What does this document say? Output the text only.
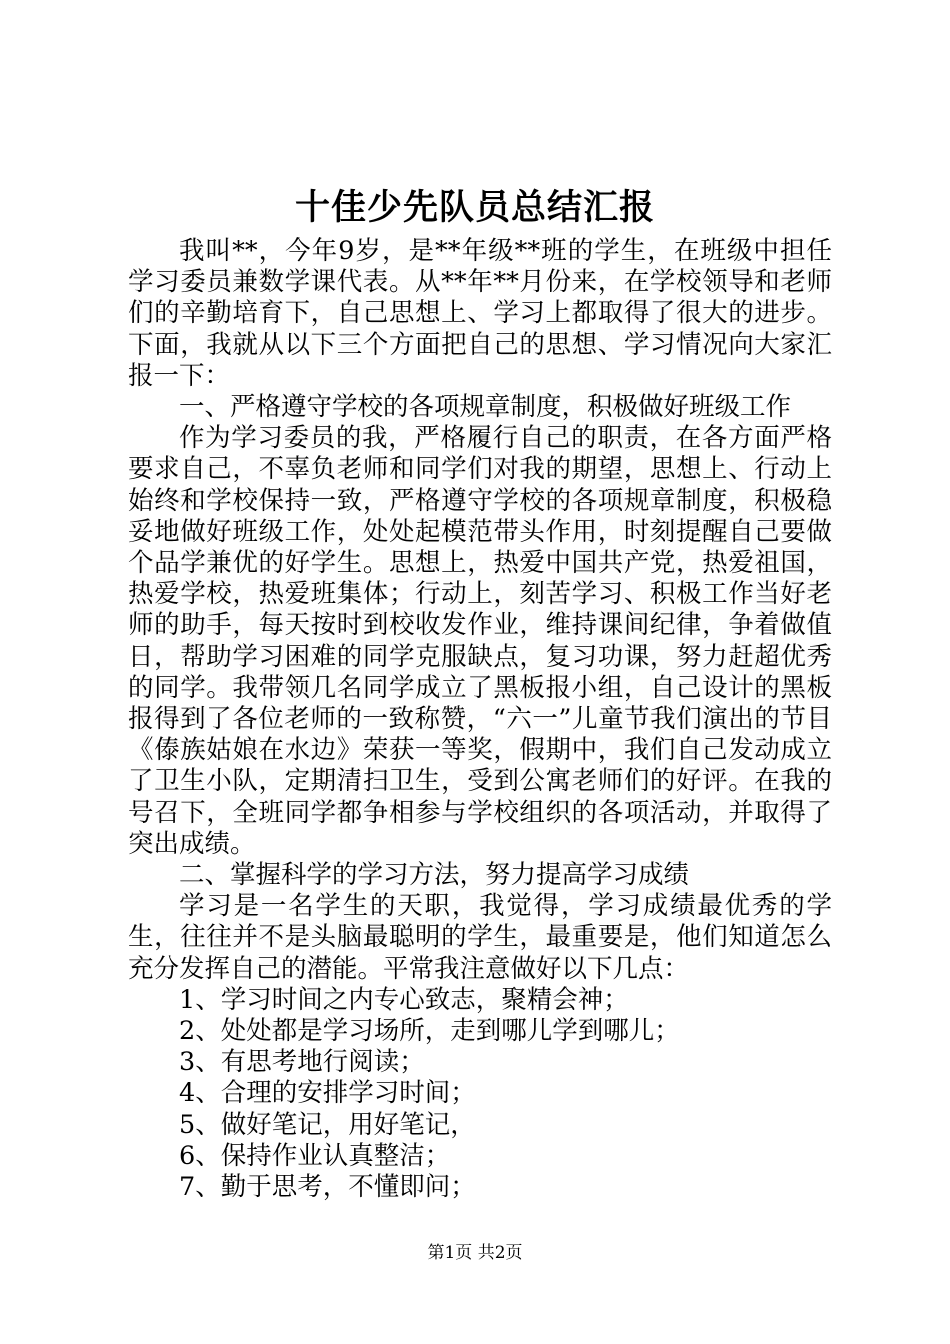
十佳少先队员总结汇报

我叫**，今年9岁，是**年级**班的学生，在班级中担任学习委员兼数学课代表。从**年**月份来，在学校领导和老师们的辛勤培育下，自己思想上、学习上都取得了很大的进步。下面，我就从以下三个方面把自己的思想、学习情况向大家汇报一下：

一、严格遵守学校的各项规章制度，积极做好班级工作

作为学习委员的我，严格履行自己的职责，在各方面严格要求自己，不辜负老师和同学们对我的期望，思想上、行动上始终和学校保持一致，严格遵守学校的各项规章制度，积极稳妥地做好班级工作，处处起模范带头作用，时刻提醒自己要做个品学兼优的好学生。思想上，热爱中国共产党，热爱祖国，热爱学校，热爱班集体；行动上，刻苦学习、积极工作当好老师的助手，每天按时到校收发作业，维持课间纪律，争着做值日，帮助学习困难的同学克服缺点，复习功课，努力赶超优秀的同学。我带领几名同学成立了黑板报小组，自己设计的黑板报得到了各位老师的一致称赞，“六一”儿童节我们演出的节目《傣族姑娘在水边》荣获一等奖，假期中，我们自己发动成立了卫生小队，定期清扫卫生，受到公寓老师们的好评。在我的号召下，全班同学都争相参与学校组织的各项活动，并取得了突出成绩。

二、掌握科学的学习方法，努力提高学习成绩

学习是一名学生的天职，我觉得，学习成绩最优秀的学生，往往并不是头脑最聪明的学生，最重要是，他们知道怎么充分发挥自己的潜能。平常我注意做好以下几点：

1、学习时间之内专心致志，聚精会神；

2、处处都是学习场所，走到哪儿学到哪儿；

3、有思考地行阅读；

4、合理的安排学习时间；

5、做好笔记，用好笔记，

6、保持作业认真整洁；

7、勤于思考，不懂即问；

第1页 共2页
